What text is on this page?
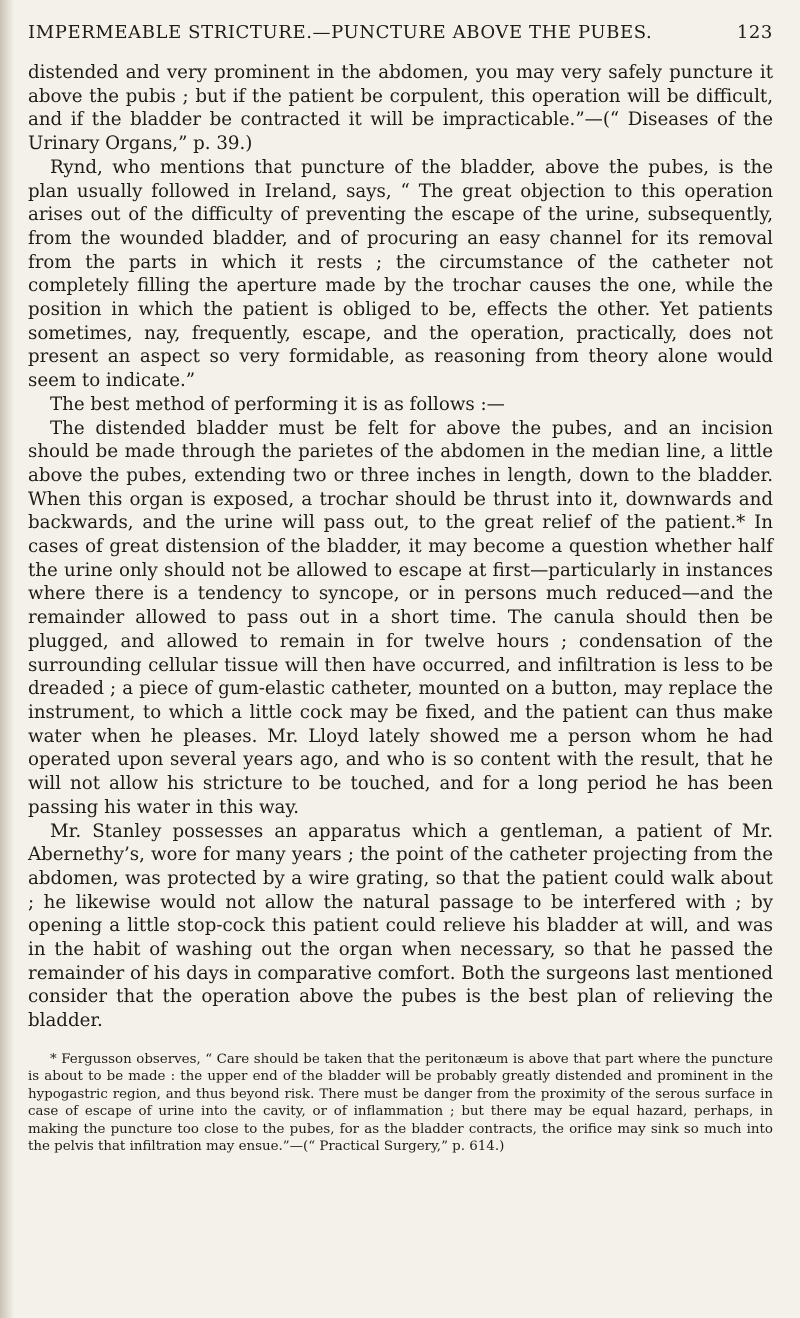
IMPERMEABLE STRICTURE.—PUNCTURE ABOVE THE PUBES.	123

distended and very prominent in the abdomen, you may very safely puncture it above the pubis ; but if the patient be corpulent, this operation will be difficult, and if the bladder be contracted it will be impracticable.”—(“ Diseases of the Urinary Organs,” p. 39.)

Rynd, who mentions that puncture of the bladder, above the pubes, is the plan usually followed in Ireland, says, “ The great objection to this operation arises out of the difficulty of preventing the escape of the urine, subsequently, from the wounded bladder, and of procuring an easy channel for its removal from the parts in which it rests ; the circumstance of the catheter not completely filling the aperture made by the trochar causes the one, while the position in which the patient is obliged to be, effects the other. Yet patients sometimes, nay, frequently, escape, and the operation, practically, does not present an aspect so very formidable, as reasoning from theory alone would seem to indicate.”

The best method of performing it is as follows :—

The distended bladder must be felt for above the pubes, and an incision should be made through the parietes of the abdomen in the median line, a little above the pubes, extending two or three inches in length, down to the bladder. When this organ is exposed, a trochar should be thrust into it, downwards and backwards, and the urine will pass out, to the great relief of the patient.* In cases of great distension of the bladder, it may become a question whether half the urine only should not be allowed to escape at first—particularly in instances where there is a tendency to syncope, or in persons much reduced—and the remainder allowed to pass out in a short time. The canula should then be plugged, and allowed to remain in for twelve hours ; condensation of the surrounding cellular tissue will then have occurred, and infiltration is less to be dreaded ; a piece of gum-elastic catheter, mounted on a button, may replace the instrument, to which a little cock may be fixed, and the patient can thus make water when he pleases. Mr. Lloyd lately showed me a person whom he had operated upon several years ago, and who is so content with the result, that he will not allow his stricture to be touched, and for a long period he has been passing his water in this way.

Mr. Stanley possesses an apparatus which a gentleman, a patient of Mr. Abernethy’s, wore for many years ; the point of the catheter projecting from the abdomen, was protected by a wire grating, so that the patient could walk about ; he likewise would not allow the natural passage to be interfered with ; by opening a little stop-cock this patient could relieve his bladder at will, and was in the habit of washing out the organ when necessary, so that he passed the remainder of his days in comparative comfort. Both the surgeons last mentioned consider that the operation above the pubes is the best plan of relieving the bladder.

* Fergusson observes, “ Care should be taken that the peritonæum is above that part where the puncture is about to be made : the upper end of the bladder will be probably greatly distended and prominent in the hypogastric region, and thus beyond risk. There must be danger from the proximity of the serous surface in case of escape of urine into the cavity, or of inflammation ; but there may be equal hazard, perhaps, in making the puncture too close to the pubes, for as the bladder contracts, the orifice may sink so much into the pelvis that infiltration may ensue.”—(“ Practical Surgery,” p. 614.)
